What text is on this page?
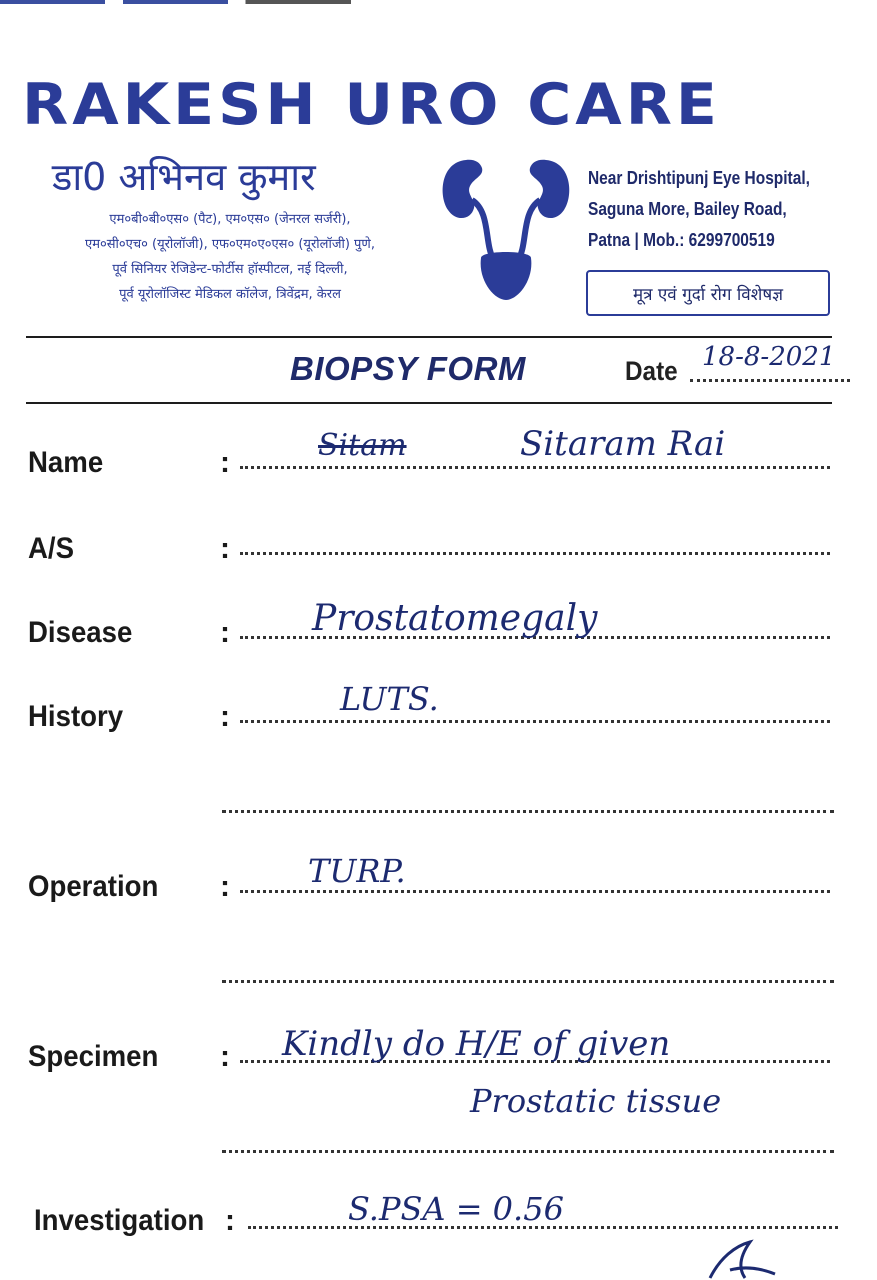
RAKESH URO CARE
डा0 अभिनव कुमार
एम०बी०बी०एस० (पैट), एम०एस० (जेनरल सर्जरी),
एम०सी०एच० (यूरोलॉजी), एफ०एम०ए०एस० (यूरोलॉजी) पुणे,
पूर्व सिनियर रेजिडेन्ट-फोर्टीस हॉस्पीटल, नई दिल्ली,
पूर्व यूरोलॉजिस्ट मेडिकल कॉलेज, त्रिवेंद्रम, केरल
Near Drishtipunj Eye Hospital,
Saguna More, Bailey Road,
Patna | Mob.: 6299700519
मूत्र एवं गुर्दा रोग विशेषज्ञ
BIOPSY FORM	Date 18-8-2021
Name	:	Sitam	Sitaram Rai
A/S	:
Disease	: Prostatomegaly
History	:	LUTS.
Operation : TURP.
Specimen : Kindly do H/E of given
Prostatic tissue
Investigation :	S.PSA = 0.56
